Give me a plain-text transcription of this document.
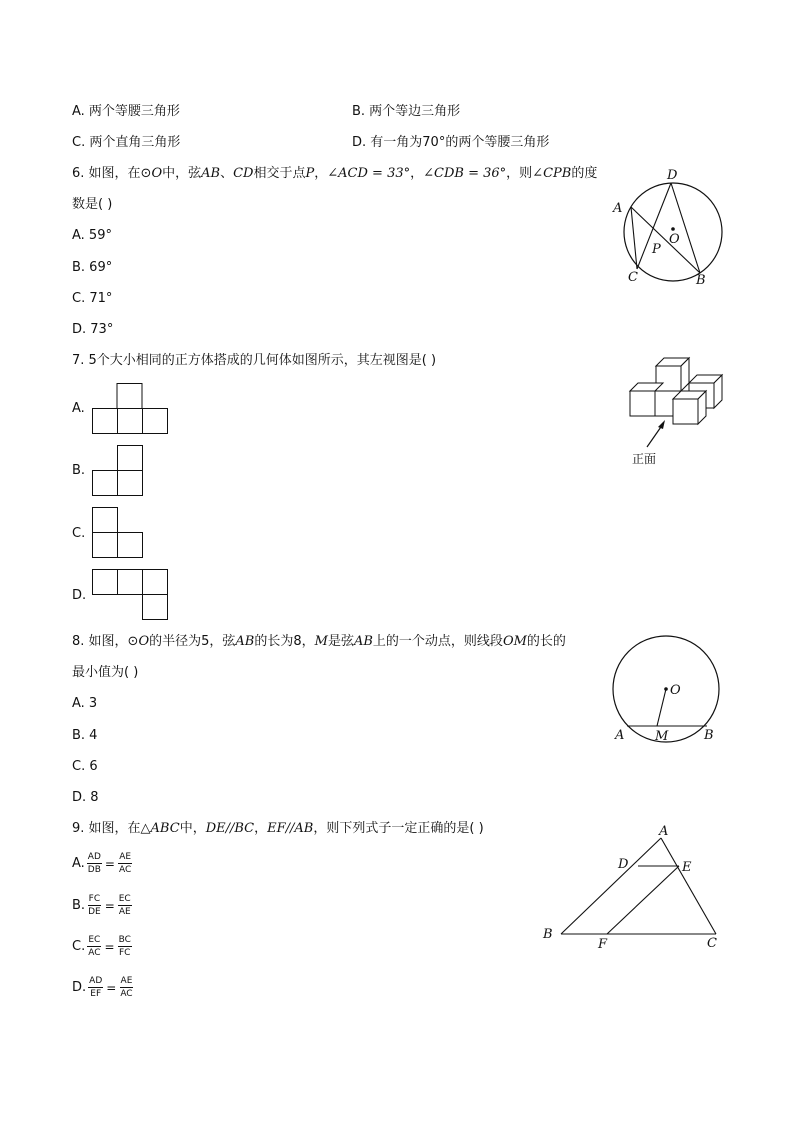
A. 两个等腰三角形	B. 两个等边三角形
C. 两个直角三角形	D. 有一角为70°的两个等腰三角形
6. 如图，在⊙O中，弦AB、CD相交于点P，∠ACD = 33°，∠CDB = 36°，则∠CPB的度
数是( )
A. 59°
B. 69°
C. 71°
D. 73°
D
A
O
P
C	B
7. 5个大小相同的正方体搭成的几何体如图所示，其左视图是( )
A.
B.
C.
D.
正面
8. 如图，⊙O的半径为5，弦AB的长为8，M是弦AB上的一个动点，则线段OM的长的
最小值为( )
A. 3
B. 4
C. 6
D. 8
O
A M	B
9. 如图，在△ABC中，DE//BC，EF//AB，则下列式子一定正确的是( )
A. $\frac{AD}{DB} = \frac{AE}{AC}$
B. $\frac{FC}{DE} = \frac{EC}{AE}$
C. $\frac{EC}{AC} = \frac{BC}{FC}$
D. $\frac{AD}{EF} = \frac{AE}{AC}$
A
D	E
B
F	C
